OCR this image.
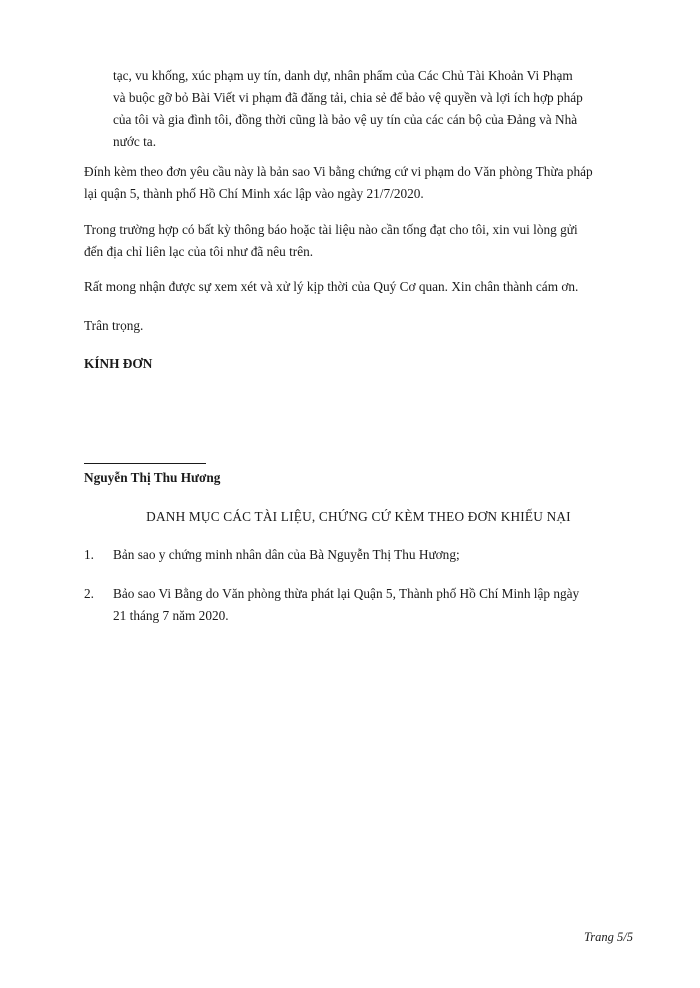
tạc, vu khống, xúc phạm uy tín, danh dự, nhân phẩm của Các Chủ Tài Khoản Vi Phạm
và buộc gỡ bỏ Bài Viết vi phạm đã đăng tải, chia sẻ để bảo vệ quyền và lợi ích hợp pháp
của tôi và gia đình tôi, đồng thời cũng là bảo vệ uy tín của các cán bộ của Đảng và Nhà
nước ta.
Đính kèm theo đơn yêu cầu này là bản sao Vi bằng chứng cứ vi phạm do Văn phòng Thừa pháp
lại quận 5, thành phố Hồ Chí Minh xác lập vào ngày 21/7/2020.
Trong trường hợp có bất kỳ thông báo hoặc tài liệu nào cần tống đạt cho tôi, xin vui lòng gửi
đến địa chỉ liên lạc của tôi như đã nêu trên.
Rất mong nhận được sự xem xét và xử lý kịp thời của Quý Cơ quan. Xin chân thành cám ơn.
Trân trọng.
KÍNH ĐƠN
Nguyễn Thị Thu Hương
DANH MỤC CÁC TÀI LIỆU, CHỨNG CỨ KÈM THEO ĐƠN KHIẾU NẠI
1. Bản sao y chứng minh nhân dân của Bà Nguyễn Thị Thu Hương;
2. Bảo sao Vi Bằng do Văn phòng thừa phát lại Quận 5, Thành phố Hồ Chí Minh lập ngày
21 tháng 7 năm 2020.
Trang 5/5
